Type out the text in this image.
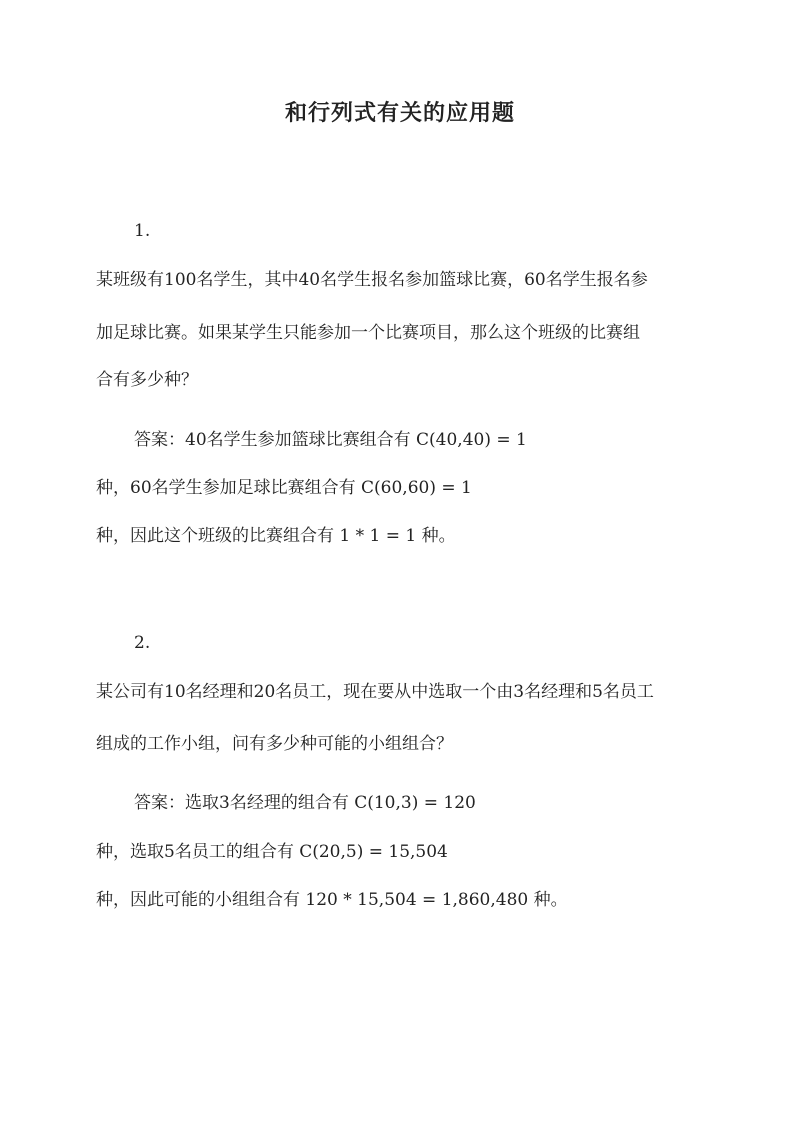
和行列式有关的应用题
1.
某班级有100名学生，其中40名学生报名参加篮球比赛，60名学生报名参
加足球比赛。如果某学生只能参加一个比赛项目，那么这个班级的比赛组
合有多少种？
答案：40名学生参加篮球比赛组合有 C(40,40) = 1
种，60名学生参加足球比赛组合有 C(60,60) = 1
种，因此这个班级的比赛组合有 1 * 1 = 1 种。
2.
某公司有10名经理和20名员工，现在要从中选取一个由3名经理和5名员工
组成的工作小组，问有多少种可能的小组组合？
答案：选取3名经理的组合有 C(10,3) = 120
种，选取5名员工的组合有 C(20,5) = 15,504
种，因此可能的小组组合有 120 * 15,504 = 1,860,480 种。
